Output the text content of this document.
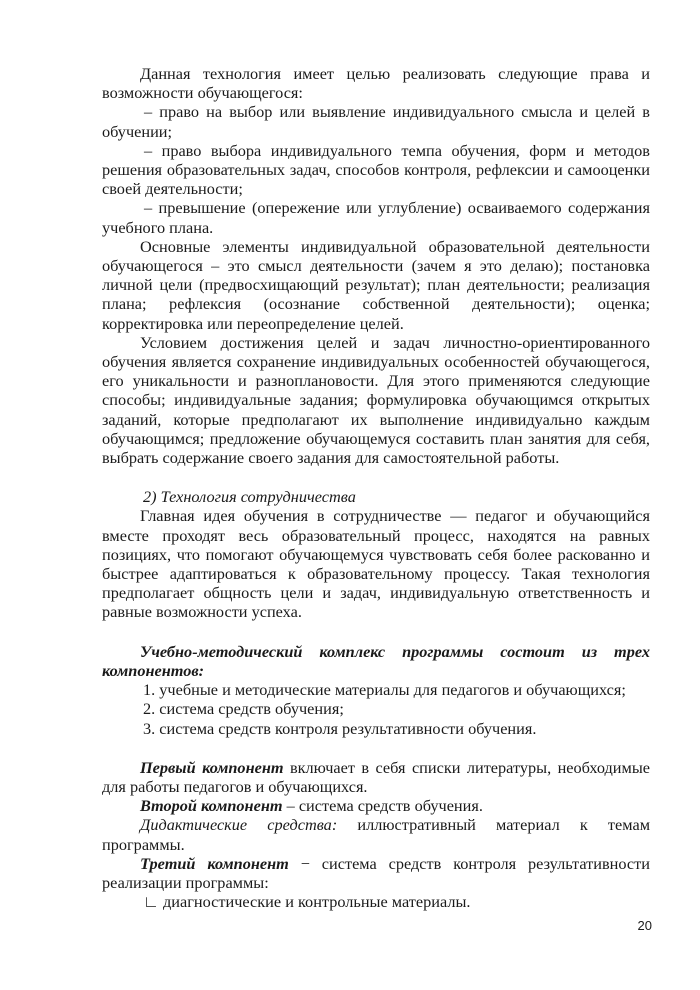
Данная технология имеет целью реализовать следующие права и возможности обучающегося:

– право на выбор или выявление индивидуального смысла и целей в обучении;

– право выбора индивидуального темпа обучения, форм и методов решения образовательных задач, способов контроля, рефлексии и самооценки своей деятельности;

– превышение (опережение или углубление) осваиваемого содержания учебного плана.

Основные элементы индивидуальной образовательной деятельности обучающегося – это смысл деятельности (зачем я это делаю); постановка личной цели (предвосхищающий результат); план деятельности; реализация плана; рефлексия (осознание собственной деятельности); оценка; корректировка или переопределение целей.

Условием достижения целей и задач личностно-ориентированного обучения является сохранение индивидуальных особенностей обучающегося, его уникальности и разноплановости. Для этого применяются следующие способы; индивидуальные задания; формулировка обучающимся открытых заданий, которые предполагают их выполнение индивидуально каждым обучающимся; предложение обучающемуся составить план занятия для себя, выбрать содержание своего задания для самостоятельной работы.

2) Технология сотрудничества

Главная идея обучения в сотрудничестве — педагог и обучающийся вместе проходят весь образовательный процесс, находятся на равных позициях, что помогают обучающемуся чувствовать себя более раскованно и быстрее адаптироваться к образовательному процессу. Такая технология предполагает общность цели и задач, индивидуальную ответственность и равные возможности успеха.

Учебно-методический комплекс программы состоит из трех компонентов:

1. учебные и методические материалы для педагогов и обучающихся;

2. система средств обучения;

3. система средств контроля результативности обучения.

Первый компонент включает в себя списки литературы, необходимые для работы педагогов и обучающихся.

Второй компонент – система средств обучения.

Дидактические средства: иллюстративный материал к темам программы.

Третий компонент − система средств контроля результативности реализации программы:

∟ диагностические и контрольные материалы.

20
